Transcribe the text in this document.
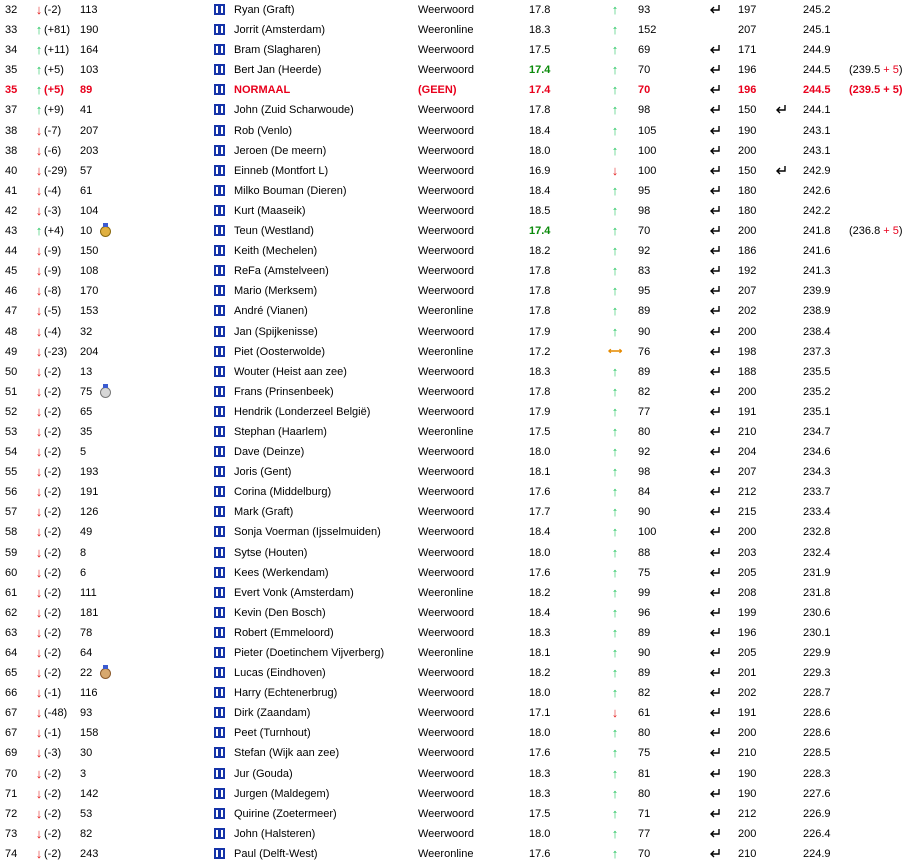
32 ↓ (-2) 113	Ryan (Graft)	Weerwoord	17.8	↑	93	197	245.2
33 ↑ (+81) 190	Jorrit (Amsterdam)	Weeronline	18.3	↑	152	207	245.1
34 ↑ (+11) 164	Bram (Slagharen)	Weerwoord	17.5	↑	69	171	244.9
35 ↑ (+5) 103	Bert Jan (Heerde)	Weerwoord	17.4	↑	70	196	244.5 (239.5 + 5)
35 ↑ (+5) 89	NORMAAL	(GEEN)	17.4	↑	70	196	244.5 (239.5 + 5)
37 ↑ (+9) 41	John (Zuid Scharwoude)	Weerwoord	17.8	↑	98	150	244.1
38 ↓ (-7) 207	Rob (Venlo)	Weerwoord	18.4	↑	105	190	243.1
38 ↓ (-6) 203	Jeroen (De meern)	Weerwoord	18.0	↑	100	200	243.1
40 ↓ (-29) 57	Einneb (Montfort L)	Weerwoord	16.9	↓	100	150	242.9
41 ↓ (-4) 61	Milko Bouman (Dieren)	Weerwoord	18.4	↑	95	180	242.6
42 ↓ (-3) 104	Kurt (Maaseik)	Weerwoord	18.5	↑	98	180	242.2
43 ↑ (+4) 10	Teun (Westland)	Weerwoord	17.4	↑	70	200	241.8 (236.8 + 5)
44 ↓ (-9) 150	Keith (Mechelen)	Weerwoord	18.2	↑	92	186	241.6
45 ↓ (-9) 108	ReFa (Amstelveen)	Weerwoord	17.8	↑	83	192	241.3
46 ↓ (-8) 170	Mario (Merksem)	Weerwoord	17.8	↑	95	207	239.9
47 ↓ (-5) 153	André (Vianen)	Weeronline	17.8	↑	89	202	238.9
48 ↓ (-4) 32	Jan (Spijkenisse)	Weerwoord	17.9	↑	90	200	238.4
49 ↓ (-23) 204	Piet (Oosterwolde)	Weeronline	17.2	⟷ 76	198	237.3
50 ↓ (-2) 13	Wouter (Heist aan zee)	Weerwoord	18.3	↑	89	188	235.5
51 ↓ (-2) 75	Frans (Prinsenbeek)	Weerwoord	17.8	↑	82	200	235.2
52 ↓ (-2) 65	Hendrik (Londerzeel België)	Weerwoord	17.9	↑	77	191	235.1
53 ↓ (-2) 35	Stephan (Haarlem)	Weeronline	17.5	↑	80	210	234.7
54 ↓ (-2) 5	Dave (Deinze)	Weerwoord	18.0	↑	92	204	234.6
55 ↓ (-2) 193	Joris (Gent)	Weerwoord	18.1	↑	98	207	234.3
56 ↓ (-2) 191	Corina (Middelburg)	Weerwoord	17.6	↑	84	212	233.7
57 ↓ (-2) 126	Mark (Graft)	Weerwoord	17.7	↑	90	215	233.4
58 ↓ (-2) 49	Sonja Voerman (Ijsselmuiden)	Weerwoord	18.4	↑	100	200	232.8
59 ↓ (-2) 8	Sytse (Houten)	Weerwoord	18.0	↑	88	203	232.4
60 ↓ (-2) 6	Kees (Werkendam)	Weerwoord	17.6	↑	75	205	231.9
61 ↓ (-2) 111	Evert Vonk (Amsterdam)	Weeronline	18.2	↑	99	208	231.8
62 ↓ (-2) 181	Kevin (Den Bosch)	Weerwoord	18.4	↑	96	199	230.6
63 ↓ (-2) 78	Robert (Emmeloord)	Weerwoord	18.3	↑	89	196	230.1
64 ↓ (-2) 64	Pieter (Doetinchem Vijverberg)	Weeronline	18.1	↑	90	205	229.9
65 ↓ (-2) 22	Lucas (Eindhoven)	Weerwoord	18.2	↑	89	201	229.3
66 ↓ (-1) 116	Harry (Echtenerbrug)	Weerwoord	18.0	↑	82	202	228.7
67 ↓ (-48) 93	Dirk (Zaandam)	Weerwoord	17.1	↓	61	191	228.6
67 ↓ (-1) 158	Peet (Turnhout)	Weerwoord	18.0	↑	80	200	228.6
69 ↓ (-3) 30	Stefan (Wijk aan zee)	Weerwoord	17.6	↑	75	210	228.5
70 ↓ (-2) 3	Jur (Gouda)	Weerwoord	18.3	↑	81	190	228.3
71 ↓ (-2) 142	Jurgen (Maldegem)	Weerwoord	18.3	↑	80	190	227.6
72 ↓ (-2) 53	Quirine (Zoetermeer)	Weerwoord	17.5	↑	71	212	226.9
73 ↓ (-2) 82	John (Halsteren)	Weerwoord	18.0	↑	77	200	226.4
74 ↓ (-2) 243	Paul (Delft-West)	Weeronline	17.6	↑	70	210	224.9
